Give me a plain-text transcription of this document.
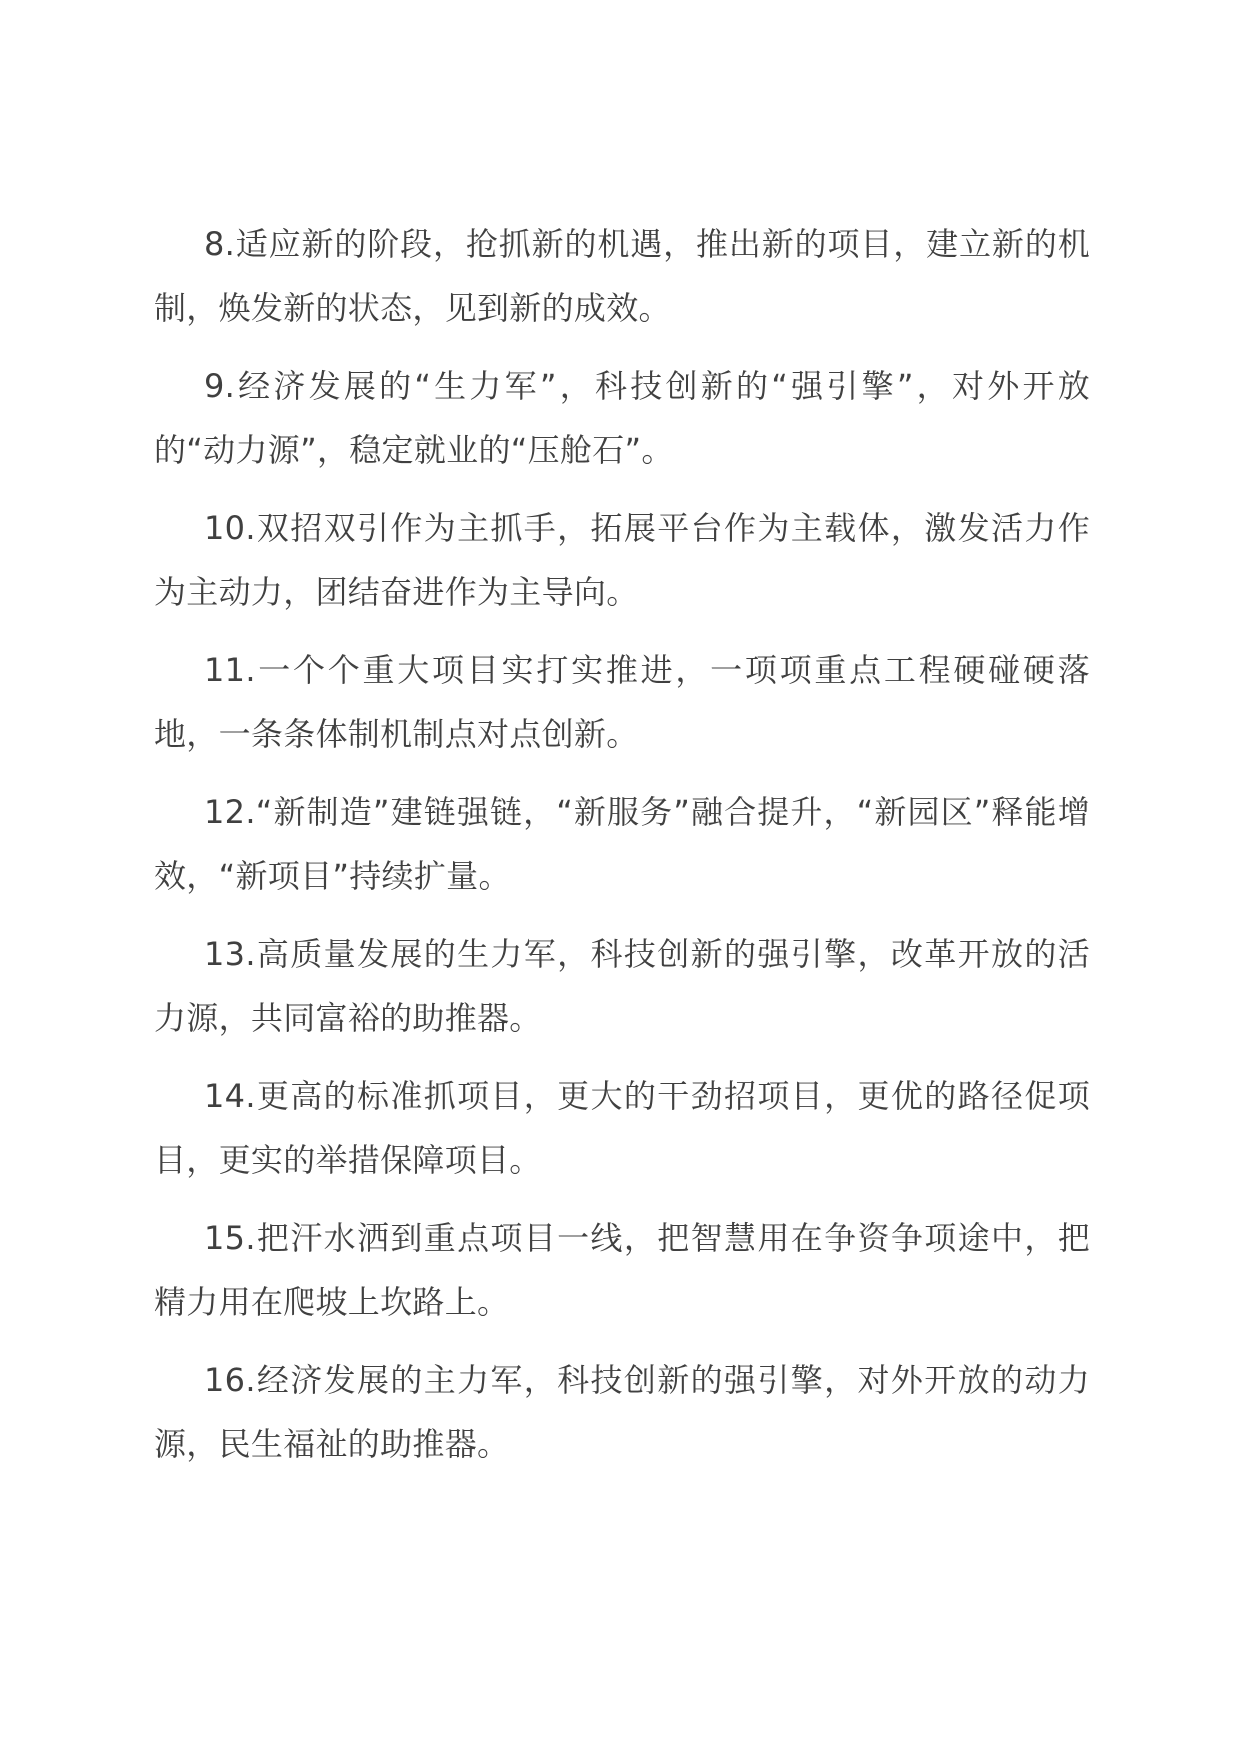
8.适应新的阶段，抢抓新的机遇，推出新的项目，建立新的机制，焕发新的状态，见到新的成效。

9.经济发展的“生力军”，科技创新的“强引擎”，对外开放的“动力源”，稳定就业的“压舱石”。

10.双招双引作为主抓手，拓展平台作为主载体，激发活力作为主动力，团结奋进作为主导向。

11.一个个重大项目实打实推进，一项项重点工程硬碰硬落地，一条条体制机制点对点创新。

12.“新制造”建链强链，“新服务”融合提升，“新园区”释能增效，“新项目”持续扩量。

13.高质量发展的生力军，科技创新的强引擎，改革开放的活力源，共同富裕的助推器。

14.更高的标准抓项目，更大的干劲招项目，更优的路径促项目，更实的举措保障项目。

15.把汗水洒到重点项目一线，把智慧用在争资争项途中，把精力用在爬坡上坎路上。

16.经济发展的主力军，科技创新的强引擎，对外开放的动力源，民生福祉的助推器。
